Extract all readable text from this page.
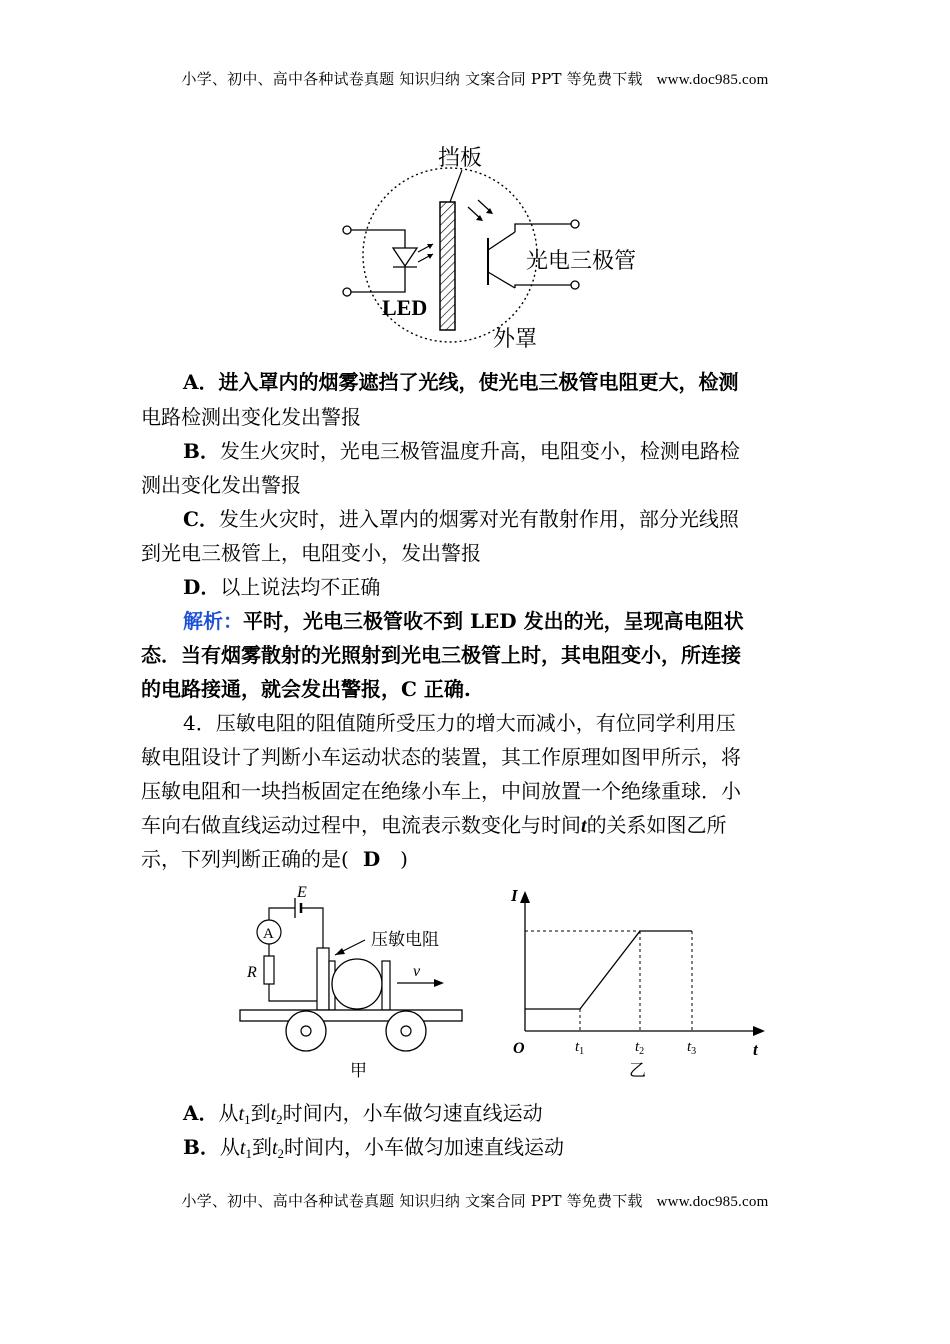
小学、初中、高中各种试卷真题 知识归纳 文案合同 PPT 等免费下载 www.doc985.com
挡板
LED
光电三极管
外罩
A．进入罩内的烟雾遮挡了光线，使光电三极管电阻更大，检测
电路检测出变化发出警报
B．发生火灾时，光电三极管温度升高，电阻变小，检测电路检
测出变化发出警报
C．发生火灾时，进入罩内的烟雾对光有散射作用，部分光线照
到光电三极管上，电阻变小，发出警报
D．以上说法均不正确
解析：平时，光电三极管收不到 LED 发出的光，呈现高电阻状
态．当有烟雾散射的光照射到光电三极管上时，其电阻变小，所连接
的电路接通，就会发出警报，C 正确.
4．压敏电阻的阻值随所受压力的增大而减小，有位同学利用压
敏电阻设计了判断小车运动状态的装置，其工作原理如图甲所示，将
压敏电阻和一块挡板固定在绝缘小车上，中间放置一个绝缘重球．小
车向右做直线运动过程中，电流表示数变化与时间t的关系如图乙所
示，下列判断正确的是( D )
E
A
R
压敏电阻
v
甲
I
t
O	$t_1$	$t_2$	$t_3$
乙
A．从$t_1$到$t_2$时间内，小车做匀速直线运动
B．从$t_1$到$t_2$时间内，小车做匀加速直线运动
小学、初中、高中各种试卷真题 知识归纳 文案合同 PPT 等免费下载 www.doc985.com
